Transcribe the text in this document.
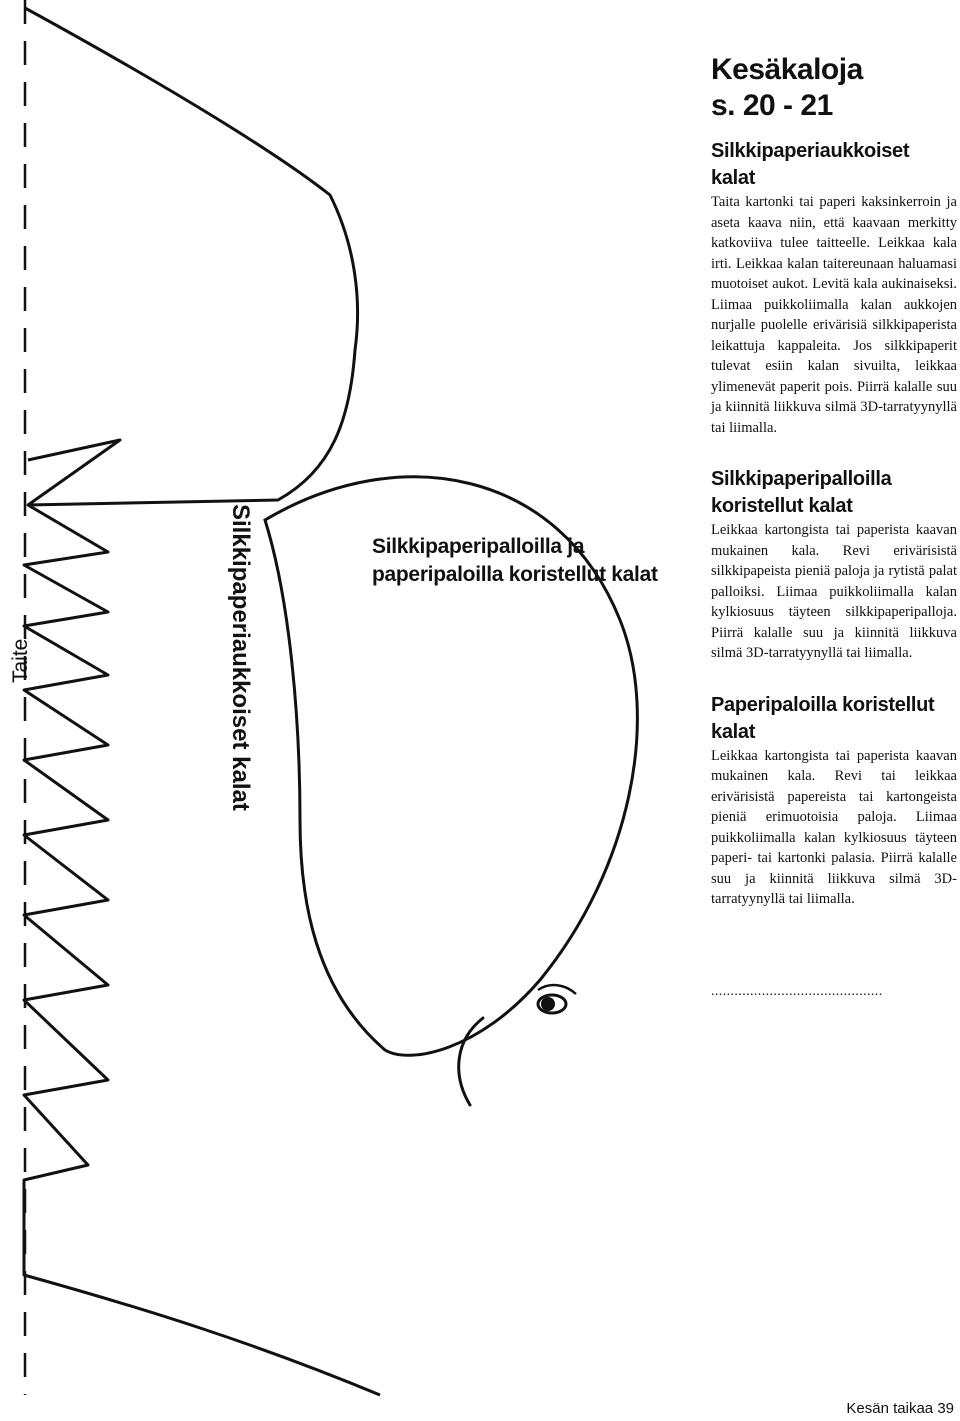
Taite	Silkkipaperiaukkoiset kalat	Silkkipaperipalloilla ja paperipaloilla koristellut kalat
Kesäkaloja
s. 20 - 21
Silkkipaperiaukkoiset kalat

Taita kartonki tai paperi kaksinkerroin ja aseta kaava niin, että kaavaan merkitty katkoviiva tulee taitteelle. Leikkaa kala irti. Leikkaa kalan taitereunaan haluamasi muotoiset aukot. Levitä kala aukinaiseksi. Liimaa puikkoliimalla kalan aukkojen nurjalle puolelle erivärisiä silkkipaperista leikattuja kappaleita. Jos silkkipaperit tulevat esiin kalan sivuilta, leikkaa ylimenevät paperit pois. Piirrä kalalle suu ja kiinnitä liikkuva silmä 3D-tarratyynyllä tai liimalla.

Silkkipaperipalloilla koristellut kalat

Leikkaa kartongista tai paperista kaavan mukainen kala. Revi erivärisistä silkkipapeista pieniä paloja ja rytistä palat palloiksi. Liimaa puikkoliimalla kalan kylkiosuus täyteen silkkipaperipalloja. Piirrä kalalle suu ja kiinnitä liikkuva silmä 3D-tarratyynyllä tai liimalla.

Paperipaloilla koristellut kalat

Leikkaa kartongista tai paperista kaavan mukainen kala. Revi tai leikkaa erivärisistä papereista tai kartongeista pieniä erimuotoisia paloja. Liimaa puikkoliimalla kalan kylkiosuus täyteen paperi- tai kartonki palasia. Piirrä kalalle suu ja kiinnitä liikkuva silmä 3D-tarratyynyllä tai liimalla.

............................................
Kesän taikaa 39
